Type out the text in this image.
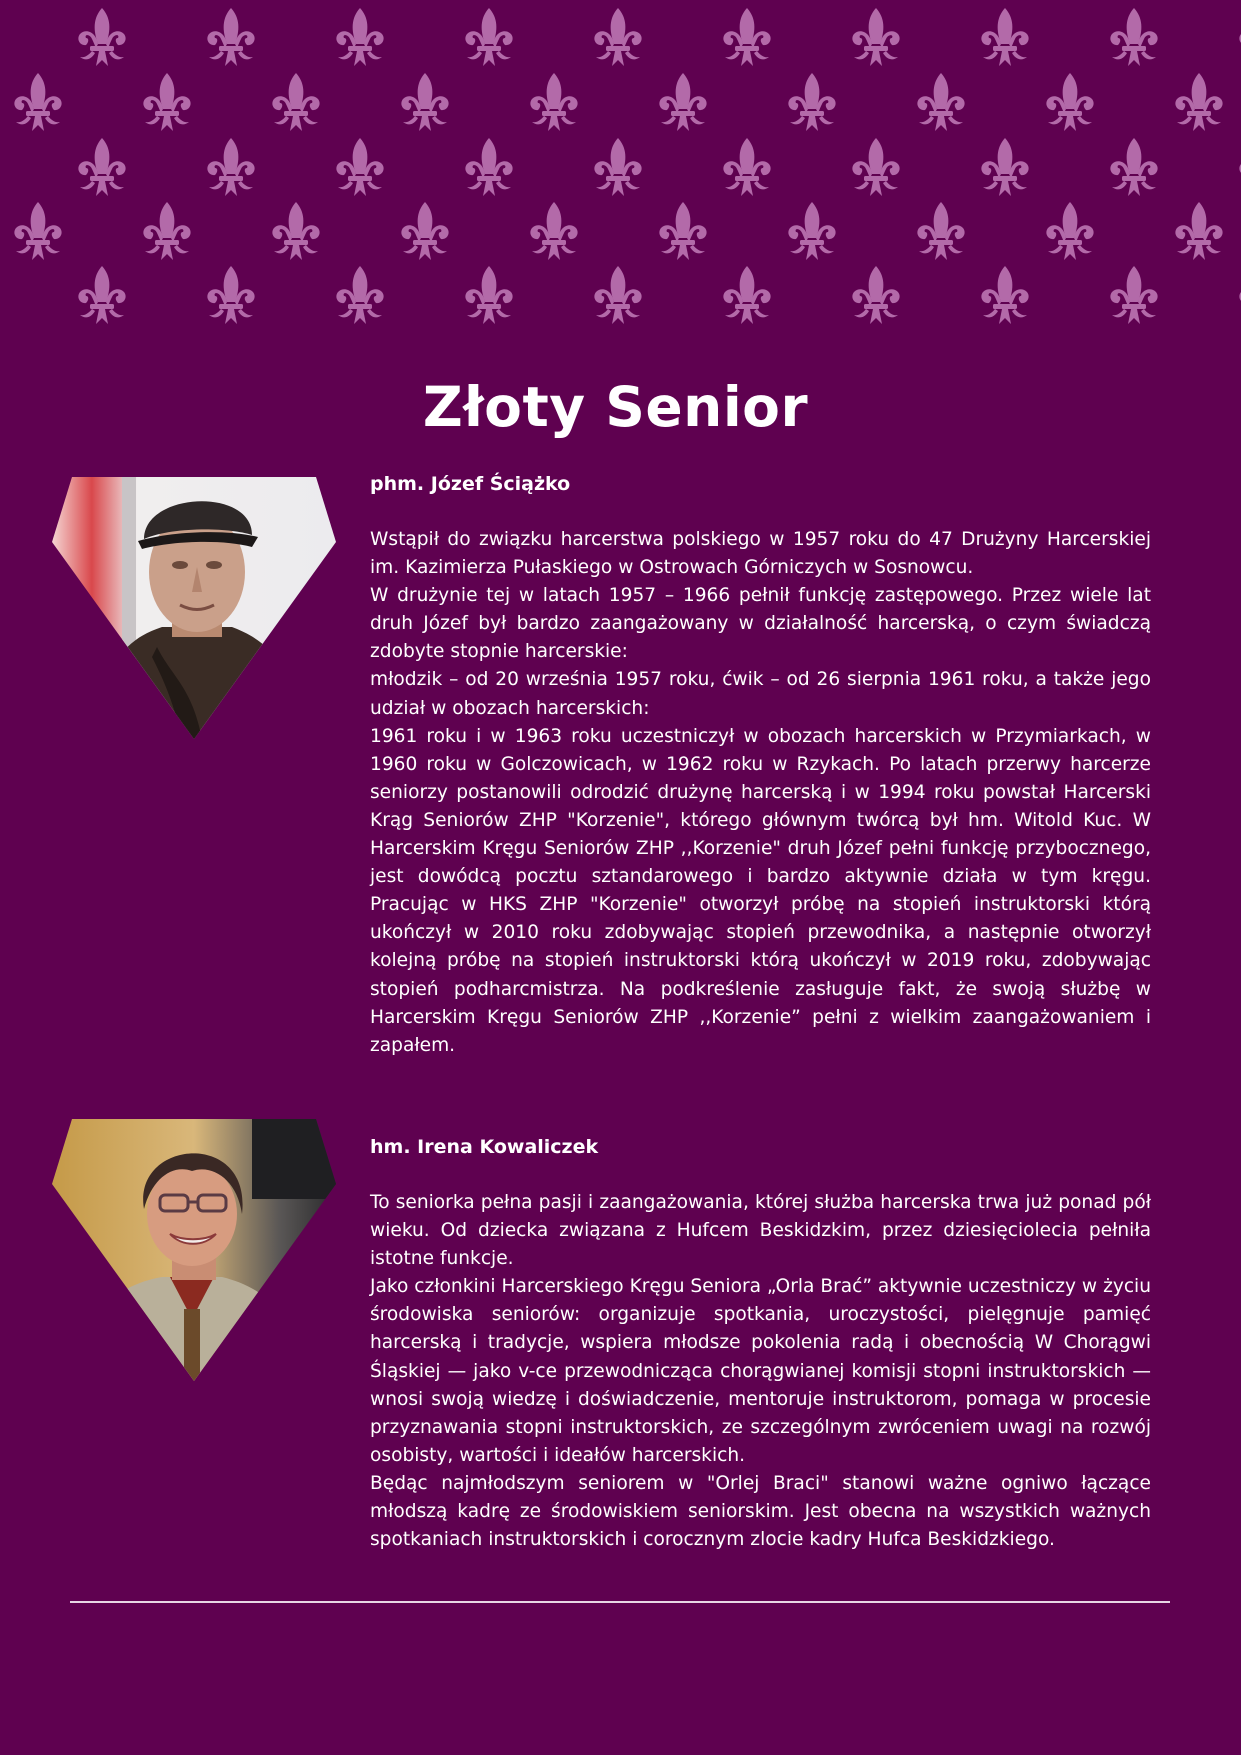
Złoty Senior
phm. Józef Ściążko

Wstąpił do związku harcerstwa polskiego w 1957 roku do 47 Drużyny Harcerskiej im. Kazimierza Pułaskiego w Ostrowach Górniczych w Sosnowcu.

W drużynie tej w latach 1957 – 1966 pełnił funkcję zastępowego. Przez wiele lat druh Józef był bardzo zaangażowany w działalność harcerską, o czym świadczą zdobyte stopnie harcerskie:

młodzik – od 20 września 1957 roku, ćwik – od 26 sierpnia 1961 roku, a także jego udział w obozach harcerskich:

1961 roku i w 1963 roku uczestniczył w obozach harcerskich w Przymiarkach, w 1960 roku w Golczowicach, w 1962 roku w Rzykach. Po latach przerwy harcerze seniorzy postanowili odrodzić drużynę harcerską i w 1994 roku powstał Harcerski Krąg Seniorów ZHP "Korzenie", którego głównym twórcą był hm. Witold Kuc. W Harcerskim Kręgu Seniorów ZHP ,,Korzenie" druh Józef pełni funkcję przybocznego, jest dowódcą pocztu sztandarowego i bardzo aktywnie działa w tym kręgu. Pracując w HKS ZHP "Korzenie" otworzył próbę na stopień instruktorski którą ukończył w 2010 roku zdobywając stopień przewodnika, a następnie otworzył kolejną próbę na stopień instruktorski którą ukończył w 2019 roku, zdobywając stopień podharcmistrza. Na podkreślenie zasługuje fakt, że swoją służbę w Harcerskim Kręgu Seniorów ZHP ,,Korzenie” pełni z wielkim zaangażowaniem i zapałem.

hm. Irena Kowaliczek

To seniorka pełna pasji i zaangażowania, której służba harcerska trwa już ponad pół wieku. Od dziecka związana z Hufcem Beskidzkim, przez dziesięciolecia pełniła istotne funkcje.

Jako członkini Harcerskiego Kręgu Seniora „Orla Brać” aktywnie uczestniczy w życiu środowiska seniorów: organizuje spotkania, uroczystości, pielęgnuje pamięć harcerską i tradycje, wspiera młodsze pokolenia radą i obecnością W Chorągwi Śląskiej — jako v-ce przewodnicząca chorągwianej komisji stopni instruktorskich — wnosi swoją wiedzę i doświadczenie, mentoruje instruktorom, pomaga w procesie przyznawania stopni instruktorskich, ze szczególnym zwróceniem uwagi na rozwój osobisty, wartości i ideałów harcerskich.

Będąc najmłodszym seniorem w "Orlej Braci" stanowi ważne ogniwo łączące młodszą kadrę ze środowiskiem seniorskim. Jest obecna na wszystkich ważnych spotkaniach instruktorskich i corocznym zlocie kadry Hufca Beskidzkiego.
